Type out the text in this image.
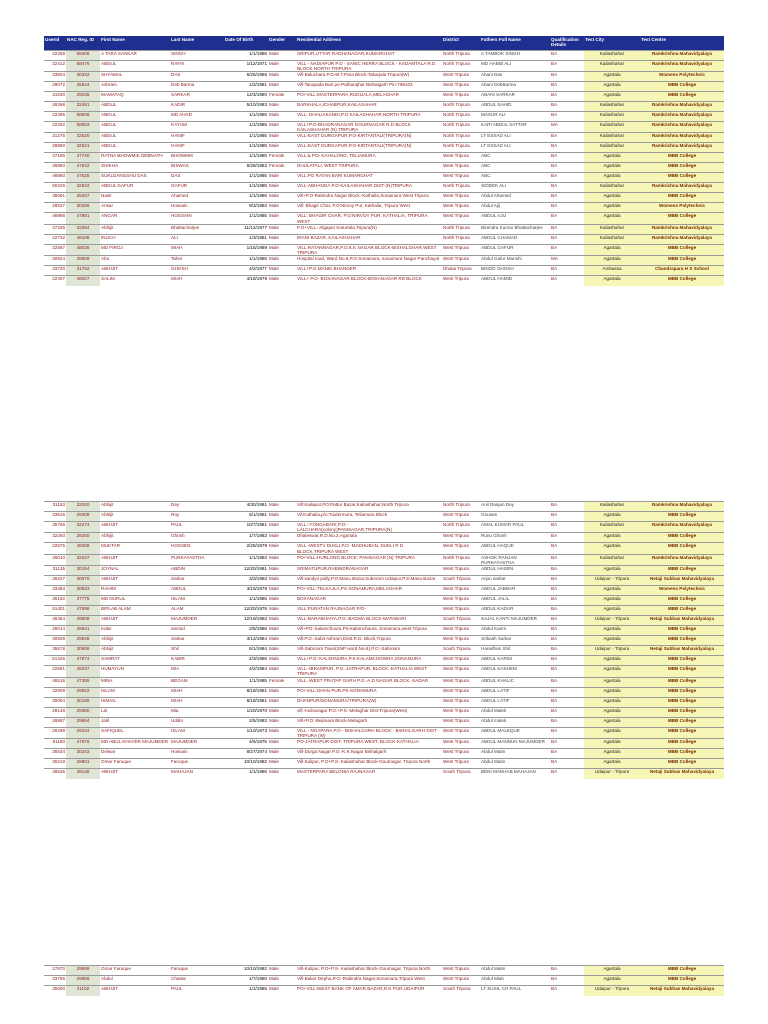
UserId	NAC Reg. ID	First Name	Last Name	Date Of Birth	Gender	Residential Address	District	Fathers Full Name	Qualification Details	Test City	Test Centre
22259	58406	A TARA SANKAR	SINGH	1/1/1985	Male	SRIPUR,UTTAR RADHANAGAR,KUMARGHAT	North Tripura	A TAMBOK SINGH	BA	Kailashahar	Ramkrishna Mahavidyalaya
22412	58476	ABDUL	RAFIK	1/12/1971	Male	VILL - NADIAPUR P.O - SANIC HERRA BLOCK - KADAMTALA R.D BLOCK NORTH TRIPURA	North Tripura	MD HABIB ALI	BA	Kailashahar	Ramkrishna Mahavidyalaya
33504	30332	SHYAMAL	DAS	6/25/1986	Male	Vill-Baluchara P.O-M.T.Para Block-Takarjala Tripura(W)	West Tripura	Abani Das	BA	Agartala	Womens Polytechnic
29072	25844	Ashram	Deb Barma	1/2/1981	Male	Vill-Tarapada Bari po-Patharajhar Bishalgarh Pin-799103	West Tripura	Abani DebBarma	BA	Agartala	MBB College
31630	29235	MAMATAQ	SARKAR	12/3/1980	Female	PO+VILL:MASTERPARA,RUDIJALA,MELAGHAR	West Tripura	ABANI SARKAR	BA	Agartala	MBB College
28268	32481	ABDUL	KADIR	5/10/1983	Male	BARKHALA,ICHABPUR,KAILASAHAR	North Tripura	ABDUL SAHID	BA	Kailashahar	Ramkrishna Mahavidyalaya
22395	58506	ABDUL	MD AHAD	1/1/1985	Male	VILL: DHALIAKANDI,P.O KAILASHAHAR,NORTH TRIPURA	North Tripura	MASUR ALI	BA	Kailashahar	Ramkrishna Mahavidyalaya
22262	58503	ABDUL	KAYUM	1/1/1985	Male	VILL+P.O-BHADRANAGAR GOURNAGAR R.D BLOCK KAILASHAHAR (N) TRIPURA	North Tripura	KARI ABDUL SATTAR	MA	Kailashahar	Ramkrishna Mahavidyalaya
31275	32520	ABDUL	HANIF	1/1/1985	Male	VILL-EAST DURGAPUR,P.O-KIRTANTALI(TRIPURA(N)	North Tripura	LT ESSAD ALI	BA	Kailashahar	Ramkrishna Mahavidyalaya
28990	32521	ABDUL	HANIF	1/1/1985	Male	VILL-EAST DURGAPUR,P.O-KIRTANTALI(TRIPURA(N)	North Tripura	LT ESSAD ALI	BA	Kailashahar	Ramkrishna Mahavidyalaya
27166	47740	RATNA BHOWMIK DEBNATH	BHOWMIK	1/1/1985	Female	VILL & PO- KAHALONG, TELIAMURA	West Tripura	ABC	BA	Agartala	MBB College
46850	47642	SHIKHA	BISWAS	6/28/1982	Female	DHULATALI, WEST TRIPURA	West Tripura	ABC	BA	Agartala	MBB College
46860	47525	SUKLDANGSHU DAS	DAS	1/1/1985	Male	VILL:PO RATAN BARI KUMARGHAT	West Tripura	ABC	BA	Agartala	MBB College
50226	32522	ABDUL GAFUR	GAFUR	1/1/1985	Male	VILL-ABHANGA P.O-KAILASHAHAR DIST-(N)TRIPURA.	North Tripura	SIDDEK ALI	BA	Kailashahar	Ramkrishna Mahavidyalaya
35091	25267	Nasir	Ahamed	1/1/1985	Male	Vill+P.O-Rabindra Nagar Block:-Kathalia,Sonamura West Tripura	West Tripura	Abdul Ahamed	BA	Agartala	MBB College
28537	30286	Ansar	Hossain	9/3/1983	Male	Vill: Bhagir Char, P.O:Nirvoy Pur, Kathalia, Tripura West	West Tripura	Abdul Ajij	BA	Agartala	Womens Polytechnic
46986	47981	ANGAR	HOSSAIN	1/1/1985	Male	VILL: BHAGIR CHAR, P.O:NIRVOY PUR, KATHALIA, TRIPURA WEST	West Tripura	ABDUL AJIJ	BA	Agartala	MBB College
27336	32284	Abhijit	Bhattacharjee	11/12/1977	Male	P.O+VILL:-Algapur Kuturtala,Tripura(N)	North Tripura	Birendra Kumar Bhattacharjee	BA	Kailashahar	Ramkrishna Mahavidyalaya
22732	48108	INUCH	ALI	1/3/1981	Male	IRANI BAZAR, KAILASHAHAR	North Tripura	ABDUL CHAMAD	BA	Kailashahar	Ramkrishna Mahavidyalaya
22567	48036	MD FIROJ	MIAH	1/15/1989	Male	VILL.RATANNAGAR,P.O.K.K NAGAR BLOCK-BISHALGHAR,WEST TRIPURA	West Tripura	ABDUL GAFUR	BA	Agartala	MBB College
30824	28909	Abu	Taher	1/1/1985	Male	Hospital road, Ward No.8,P.O.Sonamura, sonamura Nagar Panchayat	West Tripura	Abdul Gafur Munshi	MA	Agartala	MBB College
33720	31752	ABHIJIT	GHOSH	4/2/1977	Male	VILL+P.O MANIK BHANDER	Dhalai Tripura	BINOD GHOSH	BA	Ambassa	Chandrapara H S School
22407	48027	SALIM	MIAH	4/18/1979	Male	VILL+ P.O- BOXANAGAR BLOCK-BOXANAGAR RD BLOCK	West Tripura	ABDUL HAMID	BA	Agartala	MBB College
31153	32240	Abhijit	Dey	4/30/1981	Male	Vill:Kailapur,PO:Pattur Bazar,Kailashahar,North Tripura	North Tripura	Anil Ranjan Dey	BA	Kailashahar	Ramkrishna Mahavidyalaya
33616	29308	Abhijit	Roy	6/1/1981	Male	Vil:Kathalia,p/o:Tuidermura, Teliamura Block	West Tripura	Goutam	BA	Agartala	MBB College
35766	32274	ABHIJIT	PAUL	10/7/1981	Male	VILL:-YONGABARI,P.O:-LALCHARA(colony)PANISAGAR,TRIPURA(N)	North Tripura	AMAL KUMAR PAUL	BA	Kailashahar	Ramkrishna Mahavidyalaya
32250	28250	Abhijit	Ghosh	1/7/1983	Male	Dhaleswar,R.D.No.2,Agartala	West Tripura	Runu Ghosh	BA	Agartala	MBB College
22675	48268	MUKTAR	HOSSEN	2/28/1979	Male	VILL -WESTV DUKLI,P.O -MADHUBAN, DUKLI R D BLOCK,TRIPURA WEST	West Tripura	ABDUL HAQUE	BA	Agartala	MBB College
35010	32247	ABHIJIT	PURKAYASTHA	1/1/1983	Male	PO+VILL:HURLONG BLOCK: PANISAGAR (N) TRIPURA	North Tripura	ASHOK RANJAN PURKAYASTHA	BA	Kailashahar	Ramkrishna Mahavidyalaya
31135	30194	JOYNAL	ABDIN	12/20/1981	Male	SRIMATUPUR,RABINDRANAGAR	West Tripura	ABDUL HASEN	BA	Agartala	MBB College
35227	30970	ABHIJIT	Sarkar	3/3/1983	Male	Vill:sandyo pally,P.O:Manu Bazar,Subroom Udaipur,P.S-Manu Bazar	South Tripura	Arjun sarkar	BA	Udaipur - Tripura	Netaji Subhas Mahavidyalaya
33483	30933	RAHIM	ABDUL	3/15/1979	Male	PO+VILL:TELKAJLA,PS-SONAMURA,MELAGHAR	West Tripura	ABDUL JABBAR	BA	Agartala	Womens Polytechnic
35192	47775	MD NURUL	ISLAM	1/1/1985	Male	BOXANAGAR	West Tripura	ABDUL JALIL	BA	Agartala	MBB College
51401	47598	BIPLAB ALAM	ALAM	12/20/1979	Male	VILL:PURATAN RAJNAGAR P/O-	West Tripura	ABDUL KADUR	BA	Agartala	MBB College
48354	49908	ABHIJIT	MAJUMDER	12/19/1983	Male	VILL-BARABHAIYA,P.O.-BAGMA BLOCK-MATABARI	South Tripura	SAJAL KANTI MAJUMDER	BA	Udaipur - Tripura	Netaji Subhas Mahavidyalaya
28014	28941	Kabir	ammid	2/5/1986	Male	Vill+PO:-kalamchoura,PS-kalamchaura ,Sonamura,west Tripura	West Tripura	Abdul Karim	BA	Agartala	MBB College
30829	29648	Abhijit	Sarkar	3/12/1984	Male	Vill:P.O.-Sabit Ashram,Distt.R.D. Block,Tripura	West Tripura	Sribash Sarkar	BA	Agartala	MBB College
35578	30906	Abhijit	Shil	5/1/1984	Male	Vill-Sabroom Town(SNP word No-8),P.O:-Sabroom	South Tripura	Haradhan Shil	BA	Udaipur - Tripura	Netaji Subhas Mahavidyalaya
51326	47874	SAMRAT	KABIR	2/3/1986	Male	VILL+P.O.-KALSHNURA,P.S-KALAMCHOWRA,SONAMURA	West Tripura	ABDUL KARIM	BA	Agartala	MBB College
22581	48037	HUMAYUN	MIA	4/2/1984	Male	VILL.-IBRAMPUR, P.O.-JATRAPUR, BLOCK.-KATHALIA WEST TRIPURA	West Tripura	ABDUL KASHEM	BA	Agartala	MBB College
46516	47355	MINA	BEGAM	1/1/1985	Female	VILL.-WEST PRATAP GARH P.O.-A.D NAGAR BLOCK -SADAR	West Tripura	ABDUL KHALIC	BA	Agartala	MBB College
32909	29922	ISLAM	MIAH	8/18/1981	Male	PO+VILL:DHAN PUR,PS-SONAMURA	West Tripura	ABDUL LATIF	BA	Agartala	MBB College
30064	30189	ISMAIL	MIAH	8/18/1981	Male	DHANPUR/SONAMURA/TRIPURA(W)	West Tripura	ABDUL LATIF	BA	Agartala	MBB College
28148	29380	Lal	Mia	1/20/1970	Male	vill:-Indranagar P.O:+P.S:-Melaghar Dist-Tripura(West)	West Tripura	Abdul Malek	BA	Agartala	MBB College
28887	29894	Jalil	Uddin	2/5/1983	Male	Vill+P.O:-Bejimara Block-Melagarh	West Tripura	Abdul malek	BA	Agartala	MBB College
26299	29244	SAFIQUEL	ISLAM	1/10/1973	Male	VILL - NOAPARA P.O - BISHALGARH BLOCK - BISHALGARH DIST - TRIPURA (W)	West Tripura	ABDUL MALEQUE	BA	Agartala	MBB College
51180	47976	MD ABUL KHAYER MAJUMDER	MAJUMDER	4/6/1975	Male	PO-JATRAPUR DIST- TRIPURA WEST. BLOCK-KATHALIA	West Tripura	ABDUL MANNUN MAJUMDER	BA	Agartala	MBB College
35534	30243	Delwar	Hossain	8/27/1974	Male	Vill-Durga Nagar P.O.-K.K.Nagar Bishalgarh	West Tripura	Abdul Matin	BA	Agartala	MBB College
35218	29901	Omar Faruque	Faruque	10/10/1982	Male	Vill-Kulipur, P.O+P.S- Kailashahar Block-Gournagar, Tripura North	West Tripura	Abdul Matin	BA	Agartala	MBB College
48635	49138	ABHIJIT	MAHAJAN	1/1/1985	Male	MASTERPARA BELONIA RAJNAGAR	South Tripura	BENI MADHAB MAHAJAN	BA	Udaipur - Tripura	Netaji Subhas Mahavidyalaya
27870	29899	Omar Faruque	Faruque	10/10/1982	Male	Vill-Kulipur, P.O+P.S- Kailashahar Block-Gournagar, Tripura North	West Tripura	Abdul Matin	BA	Agartala	MBB College
33756	29956	Abdul	Chattar	1/7/1980	Male	Vill-Baker Dephu,P.O:-Rabindra Nagar,Sonamura,Tripura West	West Tripura	Abdul Miah	BA	Agartala	MBB College
35500	31102	ABHIJIT	PAUL	1/1/1985	Male	PO+VILL:WEST BANK OF AMAR BAZAR,R.K PUR,UDAIPUR	South Tripura	LT SUSIL CH PAUL	BA	Udaipur - Tripura	Netaji Subhas Mahavidyalaya
